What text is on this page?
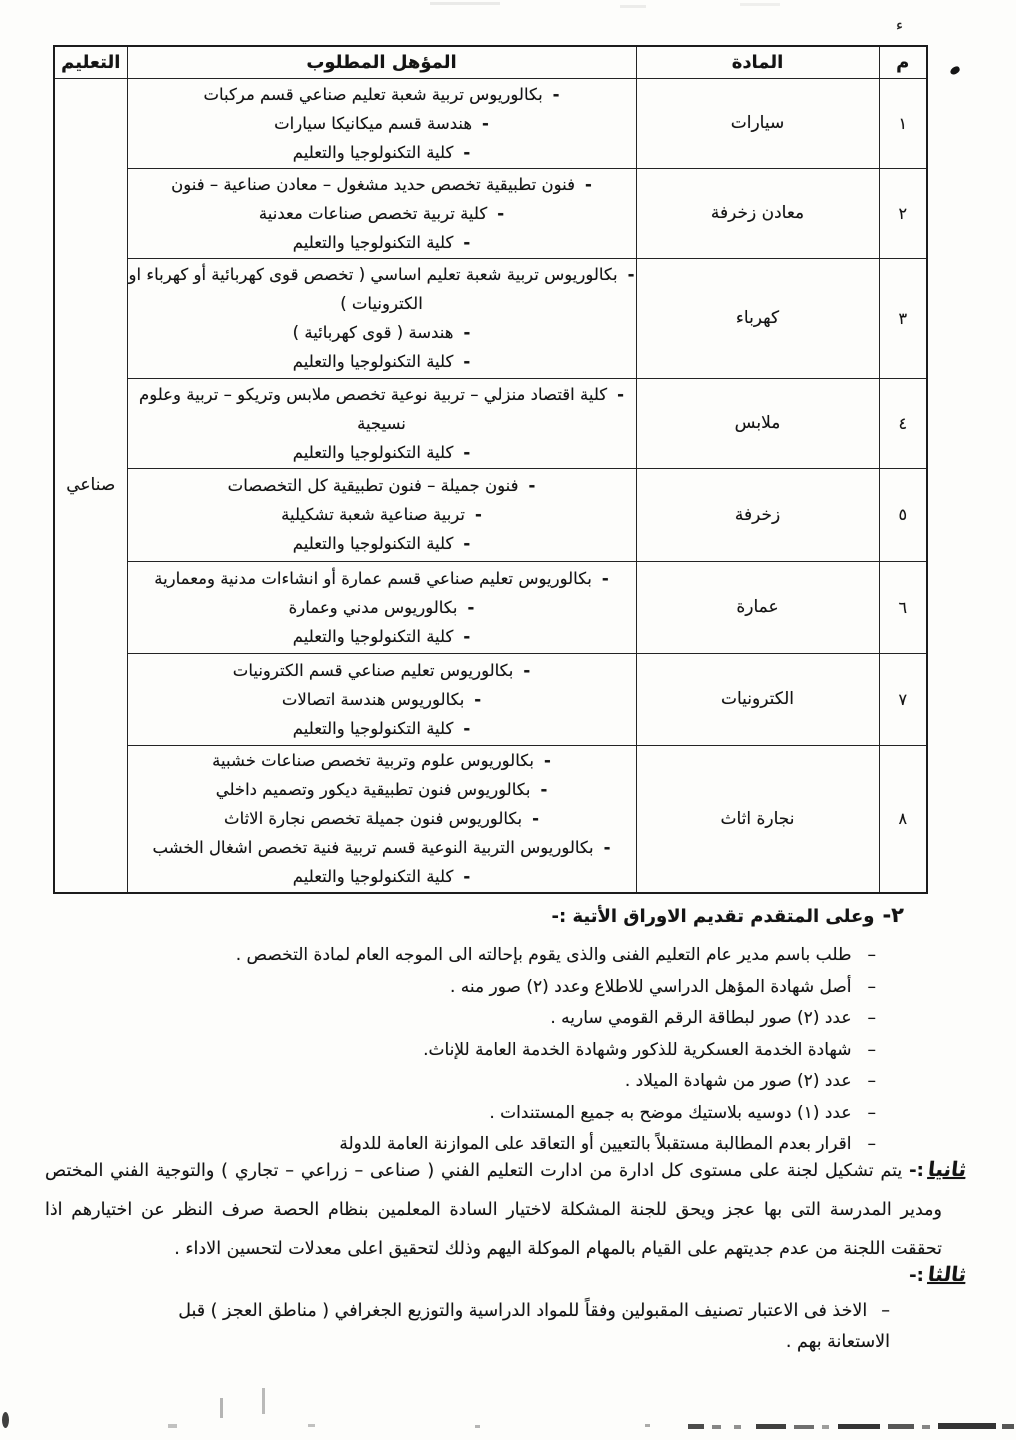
ء
م	المادة	المؤهل المطلوب	التعليم
١	سيارات	-بكالوريوس تربية شعبة تعليم صناعي قسم مركبات
-هندسة قسم ميكانيكا سيارات
-كلية التكنولوجيا والتعليم	صناعي
٢	معادن زخرفة	-فنون تطبيقية تخصص حديد مشغول – معادن صناعية – فنون
-كلية تربية تخصص صناعات معدنية
-كلية التكنولوجيا والتعليم	

٣	كهرباء	-بكالوريوس تربية شعبة تعليم اساسي ( تخصص قوى كهربائية أو كهرباء او الكترونيات )
-هندسة ( قوى كهربائية )
-كلية التكنولوجيا والتعليم	

٤	ملابس	-كلية اقتصاد منزلي – تربية نوعية تخصص ملابس وتريكو – تربية وعلوم نسيجية
-كلية التكنولوجيا والتعليم	

٥	زخرفة	-فنون جميلة – فنون تطبيقية كل التخصصات
-تربية صناعية شعبة تشكيلية
-كلية التكنولوجيا والتعليم	

٦	عمارة	-بكالوريوس تعليم صناعي قسم عمارة أو انشاءات مدنية ومعمارية
-بكالوريوس مدني وعمارة
-كلية التكنولوجيا والتعليم	

٧	الكترونيات	-بكالوريوس تعليم صناعي قسم الكترونيات
-بكالوريوس هندسة اتصالات
-كلية التكنولوجيا والتعليم	

٨	نجارة اثاث	-بكالوريوس علوم وتربية تخصص صناعات خشبية
-بكالوريوس فنون تطبيقية ديكور وتصميم داخلي
-بكالوريوس فنون جميلة تخصص نجارة الاثاث
-بكالوريوس التربية النوعية قسم تربية فنية تخصص اشغال الخشب
-كلية التكنولوجيا والتعليم	
٢-وعلى المتقدم تقديم الاوراق الأتية :-
–
طلب باسم مدير عام التعليم الفنى والذى يقوم بإحالته الى الموجه العام لمادة التخصص .
–
أصل شهادة المؤهل الدراسي للاطلاع وعدد (٢) صور منه .
–
عدد (٢) صور لبطاقة الرقم القومي ساريه .
–
شهادة الخدمة العسكرية للذكور وشهادة الخدمة العامة للإناث.
–
عدد (٢) صور من شهادة الميلاد .
–
عدد (١) دوسيه بلاستيك موضح به جميع المستندات .
–
اقرار بعدم المطالبة مستقبلاً بالتعيين أو التعاقد على الموازنة العامة للدولة
ثانيا:- يتم تشكيل لجنة على مستوى كل ادارة من ادارت التعليم الفني ( صناعى – زراعي – تجاري ) والتوجية الفني المختص ومدير المدرسة التى بها عجز ويحق للجنة المشكلة لاختيار السادة المعلمين بنظام الحصة صرف النظر عن اختيارهم اذا تحققت اللجنة من عدم جديتهم على القيام بالمهام الموكلة اليهم وذلك لتحقيق اعلى معدلات لتحسين الاداء .
ثالثا:-
–الاخذ فى الاعتبار تصنيف المقبولين وفقاً للمواد الدراسية والتوزيع الجغرافي ( مناطق العجز ) قبل الاستعانة بهم .
